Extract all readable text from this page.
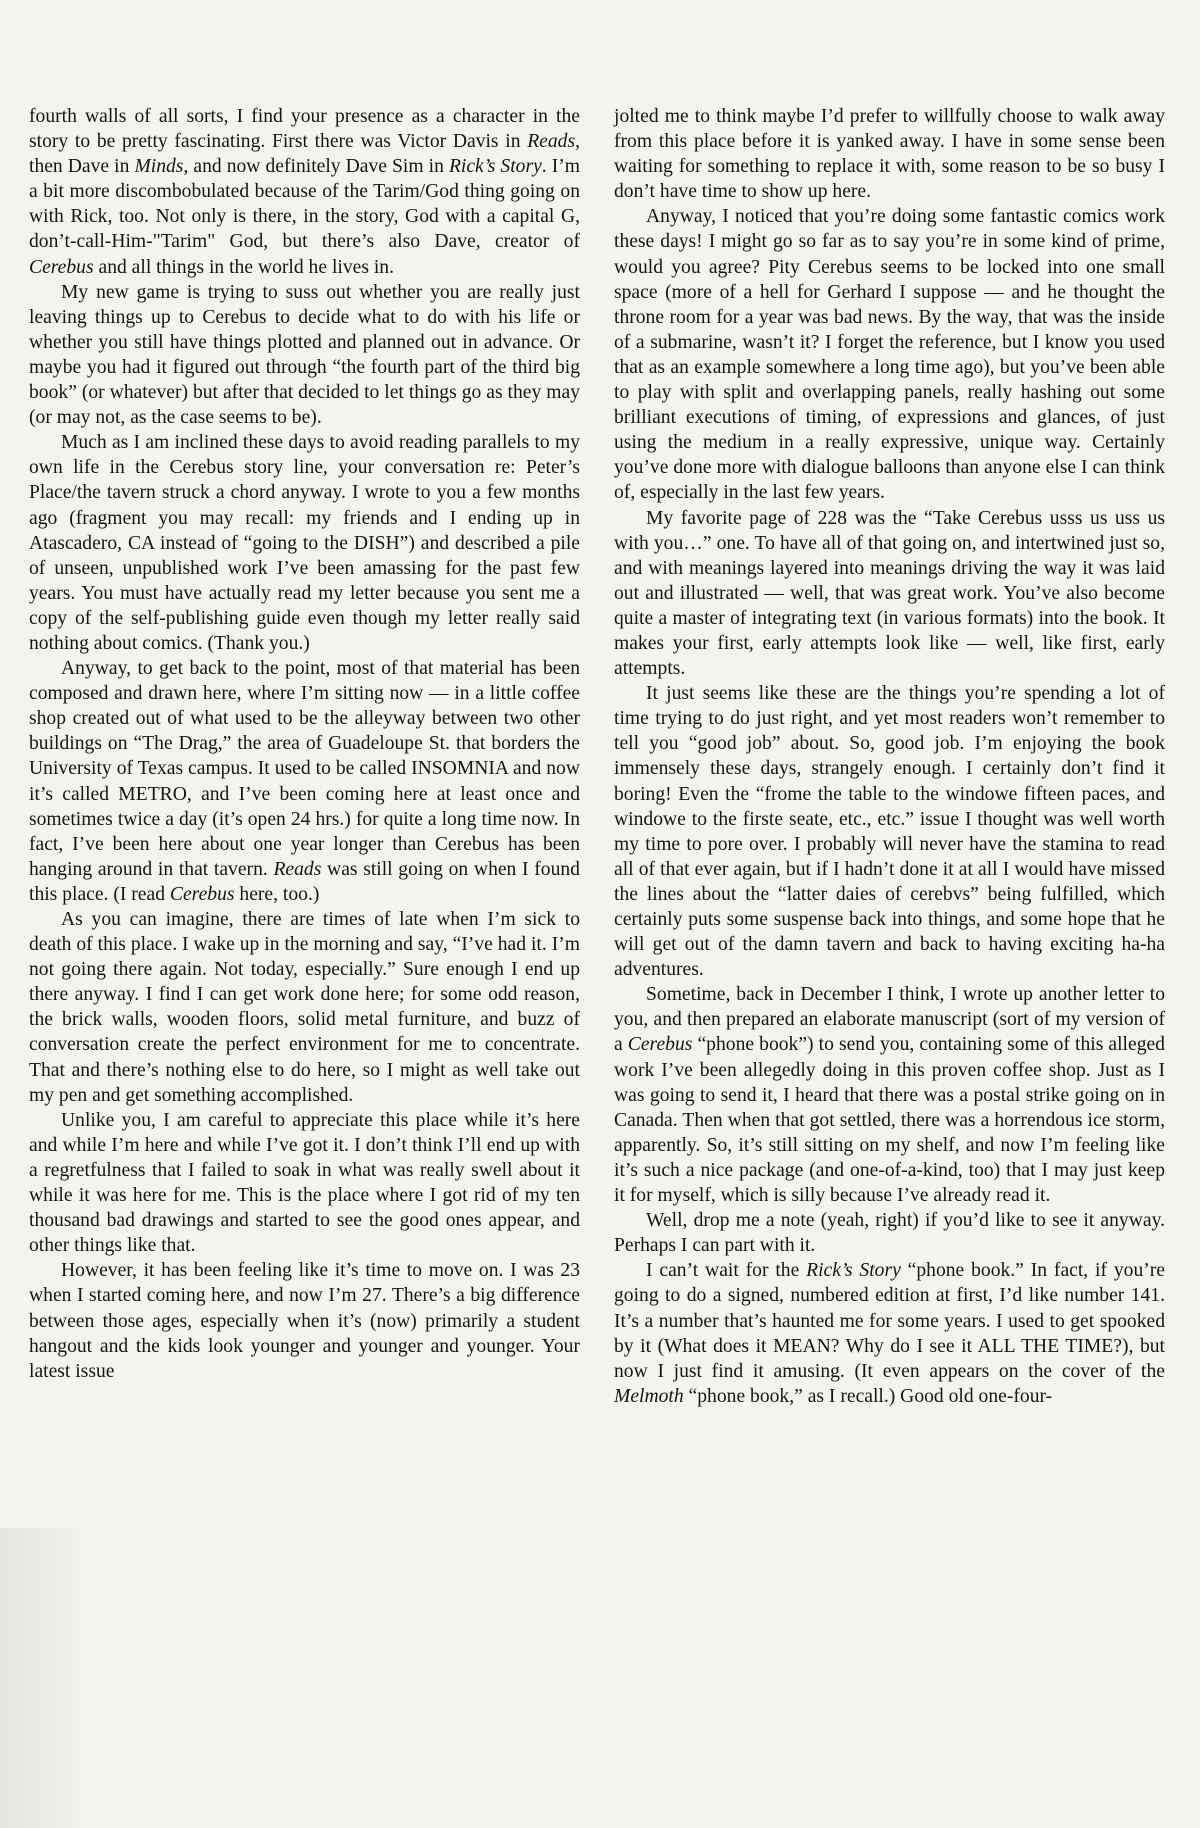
fourth walls of all sorts, I find your presence as a character in the story to be pretty fascinating. First there was Victor Davis in Reads, then Dave in Minds, and now definitely Dave Sim in Rick’s Story. I’m a bit more discombobulated because of the Tarim/God thing going on with Rick, too. Not only is there, in the story, God with a capital G, don’t-call-Him-"Tarim" God, but there’s also Dave, creator of Cerebus and all things in the world he lives in.

My new game is trying to suss out whether you are really just leaving things up to Cerebus to decide what to do with his life or whether you still have things plotted and planned out in advance. Or maybe you had it figured out through “the fourth part of the third big book” (or whatever) but after that decided to let things go as they may (or may not, as the case seems to be).

Much as I am inclined these days to avoid reading parallels to my own life in the Cerebus story line, your conversation re: Peter’s Place/the tavern struck a chord anyway. I wrote to you a few months ago (fragment you may recall: my friends and I ending up in Atascadero, CA instead of “going to the DISH”) and described a pile of unseen, unpublished work I’ve been amassing for the past few years. You must have actually read my letter because you sent me a copy of the self-publishing guide even though my letter really said nothing about comics. (Thank you.)

Anyway, to get back to the point, most of that material has been composed and drawn here, where I’m sitting now — in a little coffee shop created out of what used to be the alleyway between two other buildings on “The Drag,” the area of Guadeloupe St. that borders the University of Texas campus. It used to be called INSOMNIA and now it’s called METRO, and I’ve been coming here at least once and sometimes twice a day (it’s open 24 hrs.) for quite a long time now. In fact, I’ve been here about one year longer than Cerebus has been hanging around in that tavern. Reads was still going on when I found this place. (I read Cerebus here, too.)

As you can imagine, there are times of late when I’m sick to death of this place. I wake up in the morning and say, “I’ve had it. I’m not going there again. Not today, especially.” Sure enough I end up there anyway. I find I can get work done here; for some odd reason, the brick walls, wooden floors, solid metal furniture, and buzz of conversation create the perfect environment for me to concentrate. That and there’s nothing else to do here, so I might as well take out my pen and get something accomplished.

Unlike you, I am careful to appreciate this place while it’s here and while I’m here and while I’ve got it. I don’t think I’ll end up with a regretfulness that I failed to soak in what was really swell about it while it was here for me. This is the place where I got rid of my ten thousand bad drawings and started to see the good ones appear, and other things like that.

However, it has been feeling like it’s time to move on. I was 23 when I started coming here, and now I’m 27. There’s a big difference between those ages, especially when it’s (now) primarily a student hangout and the kids look younger and younger and younger. Your latest issue

jolted me to think maybe I’d prefer to willfully choose to walk away from this place before it is yanked away. I have in some sense been waiting for something to replace it with, some reason to be so busy I don’t have time to show up here.

Anyway, I noticed that you’re doing some fantastic comics work these days! I might go so far as to say you’re in some kind of prime, would you agree? Pity Cerebus seems to be locked into one small space (more of a hell for Gerhard I suppose — and he thought the throne room for a year was bad news. By the way, that was the inside of a submarine, wasn’t it? I forget the reference, but I know you used that as an example somewhere a long time ago), but you’ve been able to play with split and overlapping panels, really hashing out some brilliant executions of timing, of expressions and glances, of just using the medium in a really expressive, unique way. Certainly you’ve done more with dialogue balloons than anyone else I can think of, especially in the last few years.

My favorite page of 228 was the “Take Cerebus usss us uss us with you…” one. To have all of that going on, and intertwined just so, and with meanings layered into meanings driving the way it was laid out and illustrated — well, that was great work. You’ve also become quite a master of integrating text (in various formats) into the book. It makes your first, early attempts look like — well, like first, early attempts.

It just seems like these are the things you’re spending a lot of time trying to do just right, and yet most readers won’t remember to tell you “good job” about. So, good job. I’m enjoying the book immensely these days, strangely enough. I certainly don’t find it boring! Even the “frome the table to the windowe fifteen paces, and windowe to the firste seate, etc., etc.” issue I thought was well worth my time to pore over. I probably will never have the stamina to read all of that ever again, but if I hadn’t done it at all I would have missed the lines about the “latter daies of cerebvs” being fulfilled, which certainly puts some suspense back into things, and some hope that he will get out of the damn tavern and back to having exciting ha-ha adventures.

Sometime, back in December I think, I wrote up another letter to you, and then prepared an elaborate manuscript (sort of my version of a Cerebus “phone book”) to send you, containing some of this alleged work I’ve been allegedly doing in this proven coffee shop. Just as I was going to send it, I heard that there was a postal strike going on in Canada. Then when that got settled, there was a horrendous ice storm, apparently. So, it’s still sitting on my shelf, and now I’m feeling like it’s such a nice package (and one-of-a-kind, too) that I may just keep it for myself, which is silly because I’ve already read it.

Well, drop me a note (yeah, right) if you’d like to see it anyway. Perhaps I can part with it.

I can’t wait for the Rick’s Story “phone book.” In fact, if you’re going to do a signed, numbered edition at first, I’d like number 141. It’s a number that’s haunted me for some years. I used to get spooked by it (What does it MEAN? Why do I see it ALL THE TIME?), but now I just find it amusing. (It even appears on the cover of the Melmoth “phone book,” as I recall.) Good old one-four-
